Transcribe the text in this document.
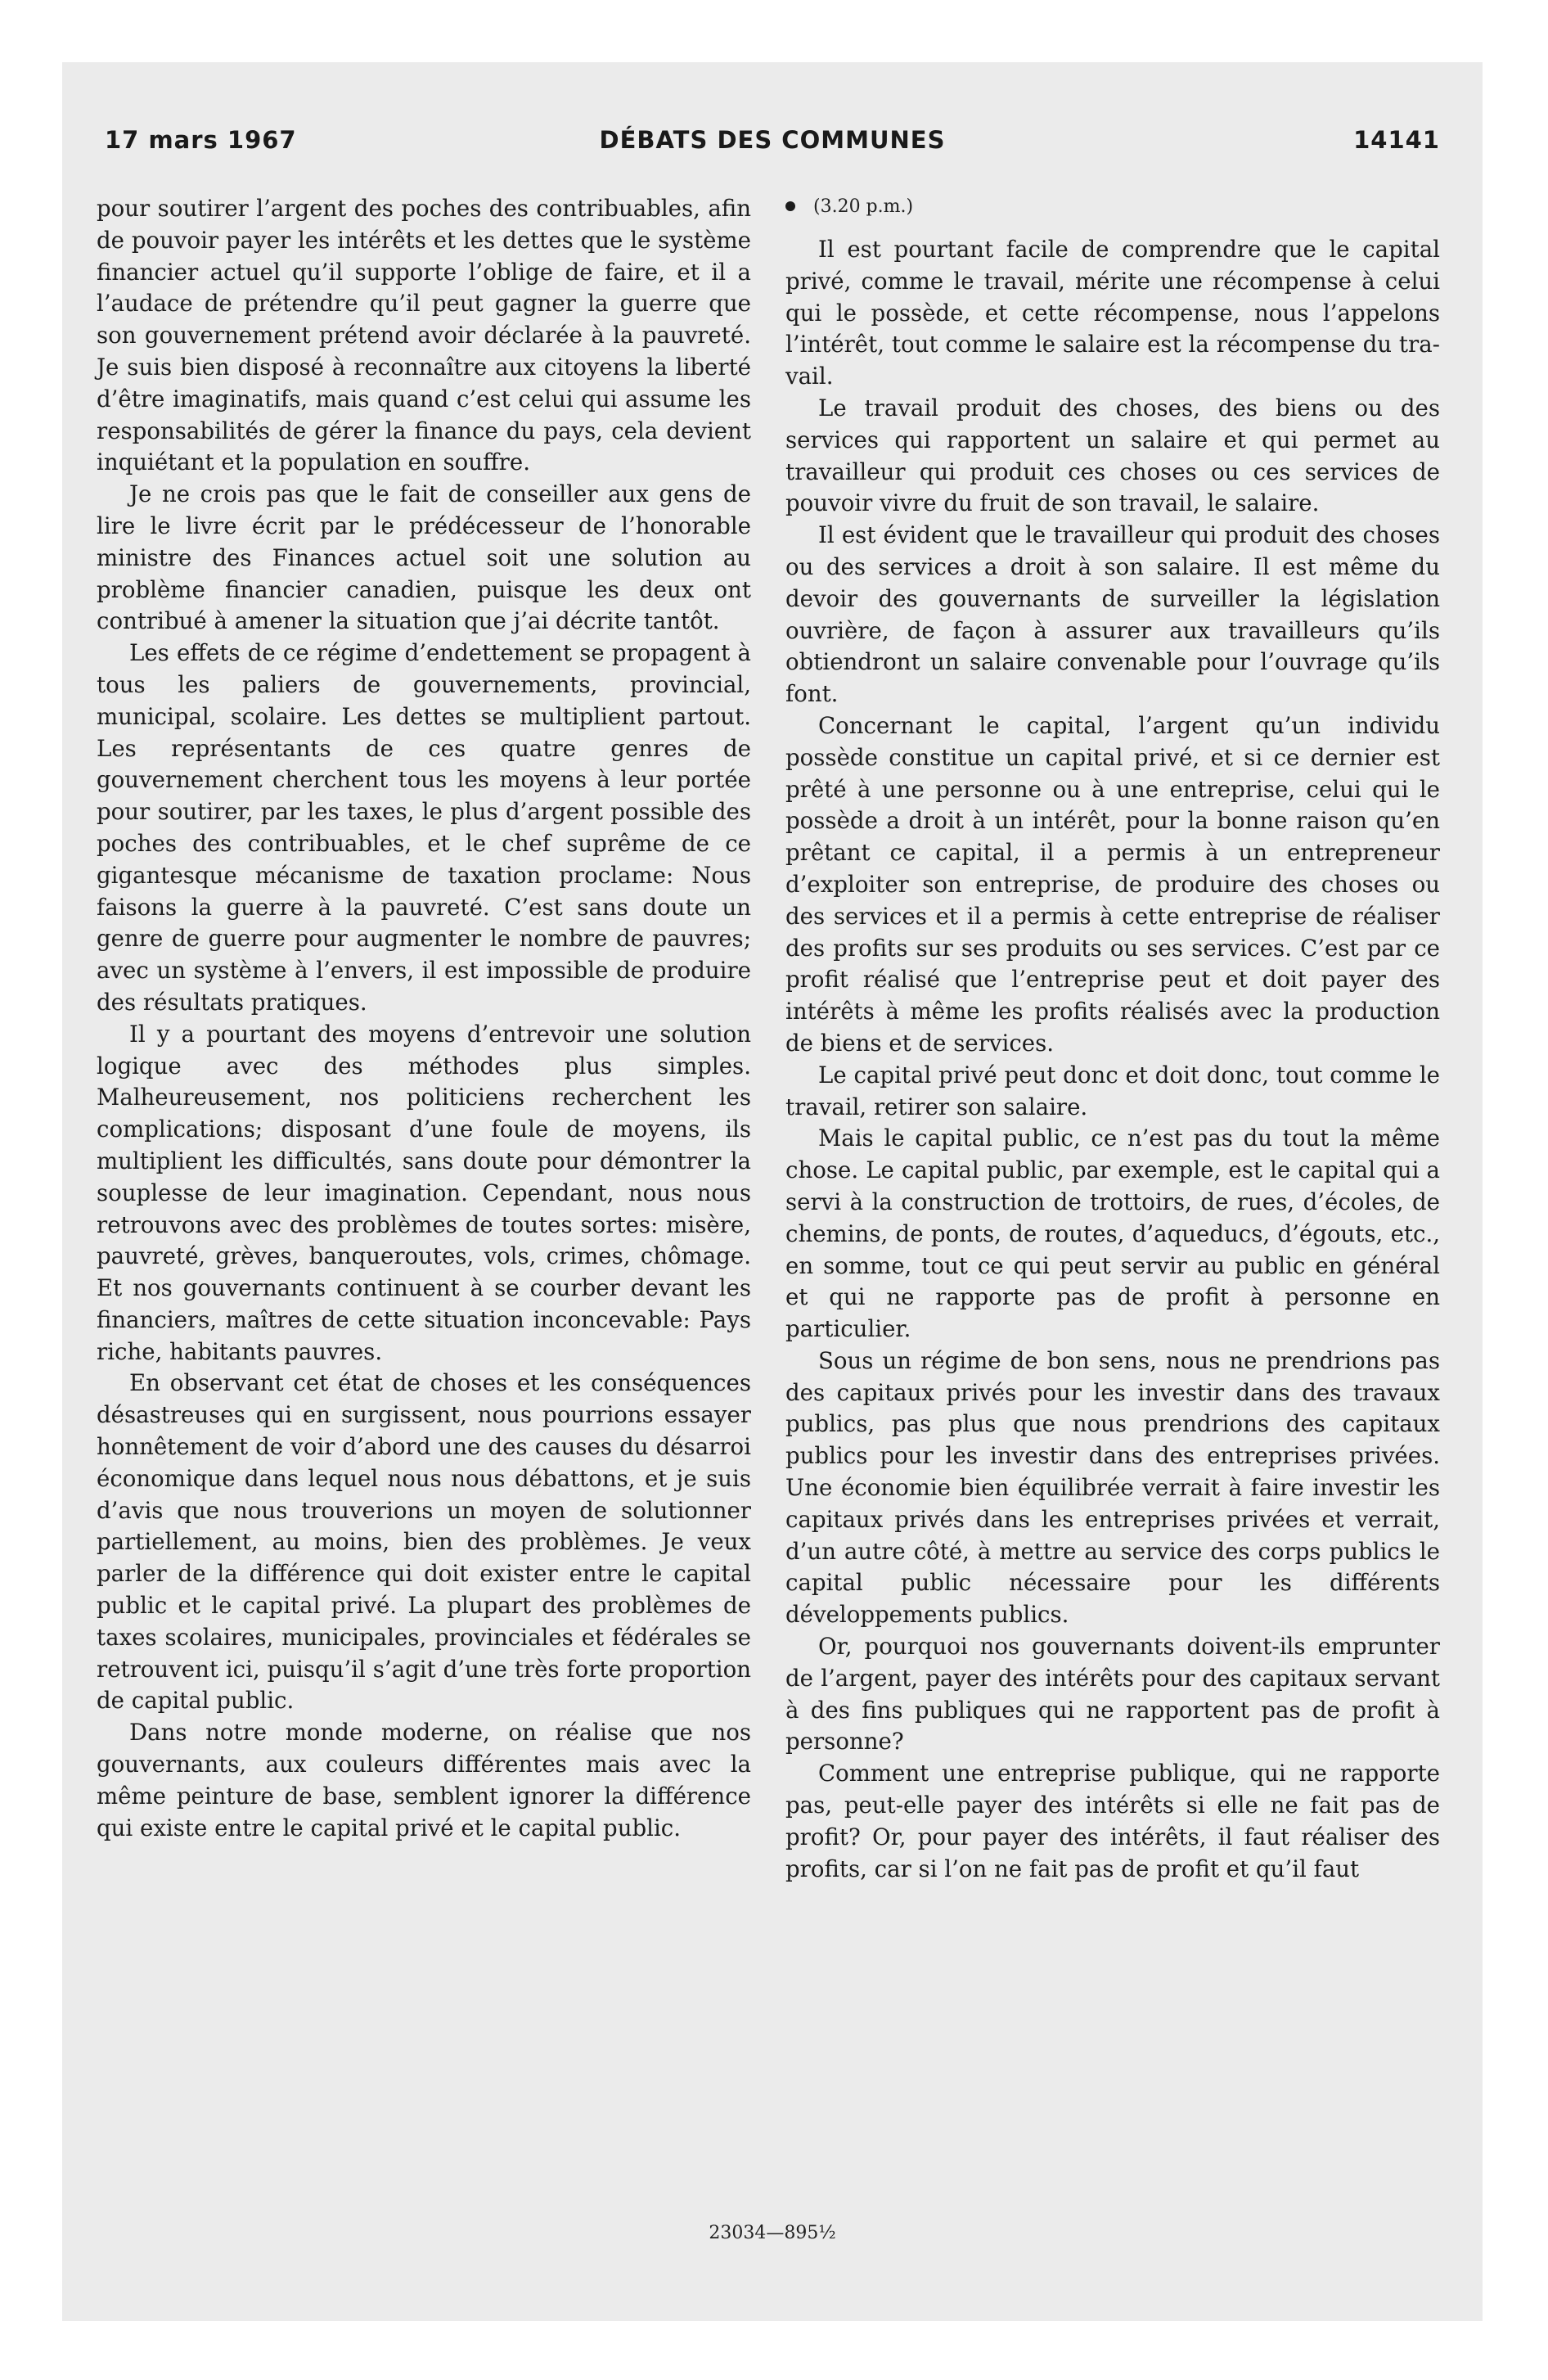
17 mars 1967	DÉBATS DES COMMUNES	14141

pour soutirer l’argent des poches des contribuables, afin de pouvoir payer les intérêts et les dettes que le système financier actuel qu’il supporte l’oblige de faire, et il a l’audace de prétendre qu’il peut gagner la guerre que son gouvernement prétend avoir déclarée à la pauvreté. Je suis bien disposé à reconnaître aux citoyens la liberté d’être imaginatifs, mais quand c’est celui qui assume les responsabilités de gérer la finance du pays, cela devient inquiétant et la population en souffre.

Je ne crois pas que le fait de conseiller aux gens de lire le livre écrit par le prédécesseur de l’honorable ministre des Finances actuel soit une solution au problème financier canadien, puisque les deux ont contribué à amener la situation que j’ai décrite tantôt.

Les effets de ce régime d’endettement se propagent à tous les paliers de gouvernements, provincial, municipal, scolaire. Les dettes se multiplient partout. Les représentants de ces quatre genres de gouvernement cherchent tous les moyens à leur portée pour soutirer, par les taxes, le plus d’argent possible des poches des contribuables, et le chef suprême de ce gigantesque mécanisme de taxation proclame: Nous faisons la guerre à la pauvreté. C’est sans doute un genre de guerre pour augmenter le nombre de pauvres; avec un système à l’envers, il est impossible de produire des résultats pratiques.

Il y a pourtant des moyens d’entrevoir une solution logique avec des méthodes plus simples. Malheureusement, nos politiciens recherchent les complications; disposant d’une foule de moyens, ils multiplient les difficultés, sans doute pour démontrer la souplesse de leur imagination. Cependant, nous nous retrouvons avec des problèmes de toutes sortes: misère, pauvreté, grèves, banqueroutes, vols, crimes, chômage. Et nos gouvernants continuent à se courber devant les financiers, maîtres de cette situation inconcevable: Pays riche, habitants pauvres.

En observant cet état de choses et les conséquences désastreuses qui en surgissent, nous pourrions essayer honnêtement de voir d’abord une des causes du désarroi économique dans lequel nous nous débattons, et je suis d’avis que nous trouverions un moyen de solutionner partiellement, au moins, bien des problèmes. Je veux parler de la différence qui doit exister entre le capital public et le capital privé. La plupart des problèmes de taxes scolaires, municipales, provinciales et fédérales se retrouvent ici, puisqu’il s’agit d’une très forte proportion de capital public.

Dans notre monde moderne, on réalise que nos gouvernants, aux couleurs différentes mais avec la même peinture de base, semblent ignorer la différence qui existe entre le capital privé et le capital public.

(3.20 p.m.)

Il est pourtant facile de comprendre que le capital privé, comme le travail, mérite une récompense à celui qui le possède, et cette récompense, nous l’appelons l’intérêt, tout comme le salaire est la récompense du travail.

Le travail produit des choses, des biens ou des services qui rapportent un salaire et qui permet au travailleur qui produit ces choses ou ces services de pouvoir vivre du fruit de son travail, le salaire.

Il est évident que le travailleur qui produit des choses ou des services a droit à son salaire. Il est même du devoir des gouvernants de surveiller la législation ouvrière, de façon à assurer aux travailleurs qu’ils obtiendront un salaire convenable pour l’ouvrage qu’ils font.

Concernant le capital, l’argent qu’un individu possède constitue un capital privé, et si ce dernier est prêté à une personne ou à une entreprise, celui qui le possède a droit à un intérêt, pour la bonne raison qu’en prêtant ce capital, il a permis à un entrepreneur d’exploiter son entreprise, de produire des choses ou des services et il a permis à cette entreprise de réaliser des profits sur ses produits ou ses services. C’est par ce profit réalisé que l’entreprise peut et doit payer des intérêts à même les profits réalisés avec la production de biens et de services.

Le capital privé peut donc et doit donc, tout comme le travail, retirer son salaire.

Mais le capital public, ce n’est pas du tout la même chose. Le capital public, par exemple, est le capital qui a servi à la construction de trottoirs, de rues, d’écoles, de chemins, de ponts, de routes, d’aqueducs, d’égouts, etc., en somme, tout ce qui peut servir au public en général et qui ne rapporte pas de profit à personne en particulier.

Sous un régime de bon sens, nous ne prendrions pas des capitaux privés pour les investir dans des travaux publics, pas plus que nous prendrions des capitaux publics pour les investir dans des entreprises privées. Une économie bien équilibrée verrait à faire investir les capitaux privés dans les entreprises privées et verrait, d’un autre côté, à mettre au service des corps publics le capital public nécessaire pour les différents développements publics.

Or, pourquoi nos gouvernants doivent-ils emprunter de l’argent, payer des intérêts pour des capitaux servant à des fins publiques qui ne rapportent pas de profit à personne?

Comment une entreprise publique, qui ne rapporte pas, peut-elle payer des intérêts si elle ne fait pas de profit? Or, pour payer des intérêts, il faut réaliser des profits, car si l’on ne fait pas de profit et qu’il faut

23034—895½
